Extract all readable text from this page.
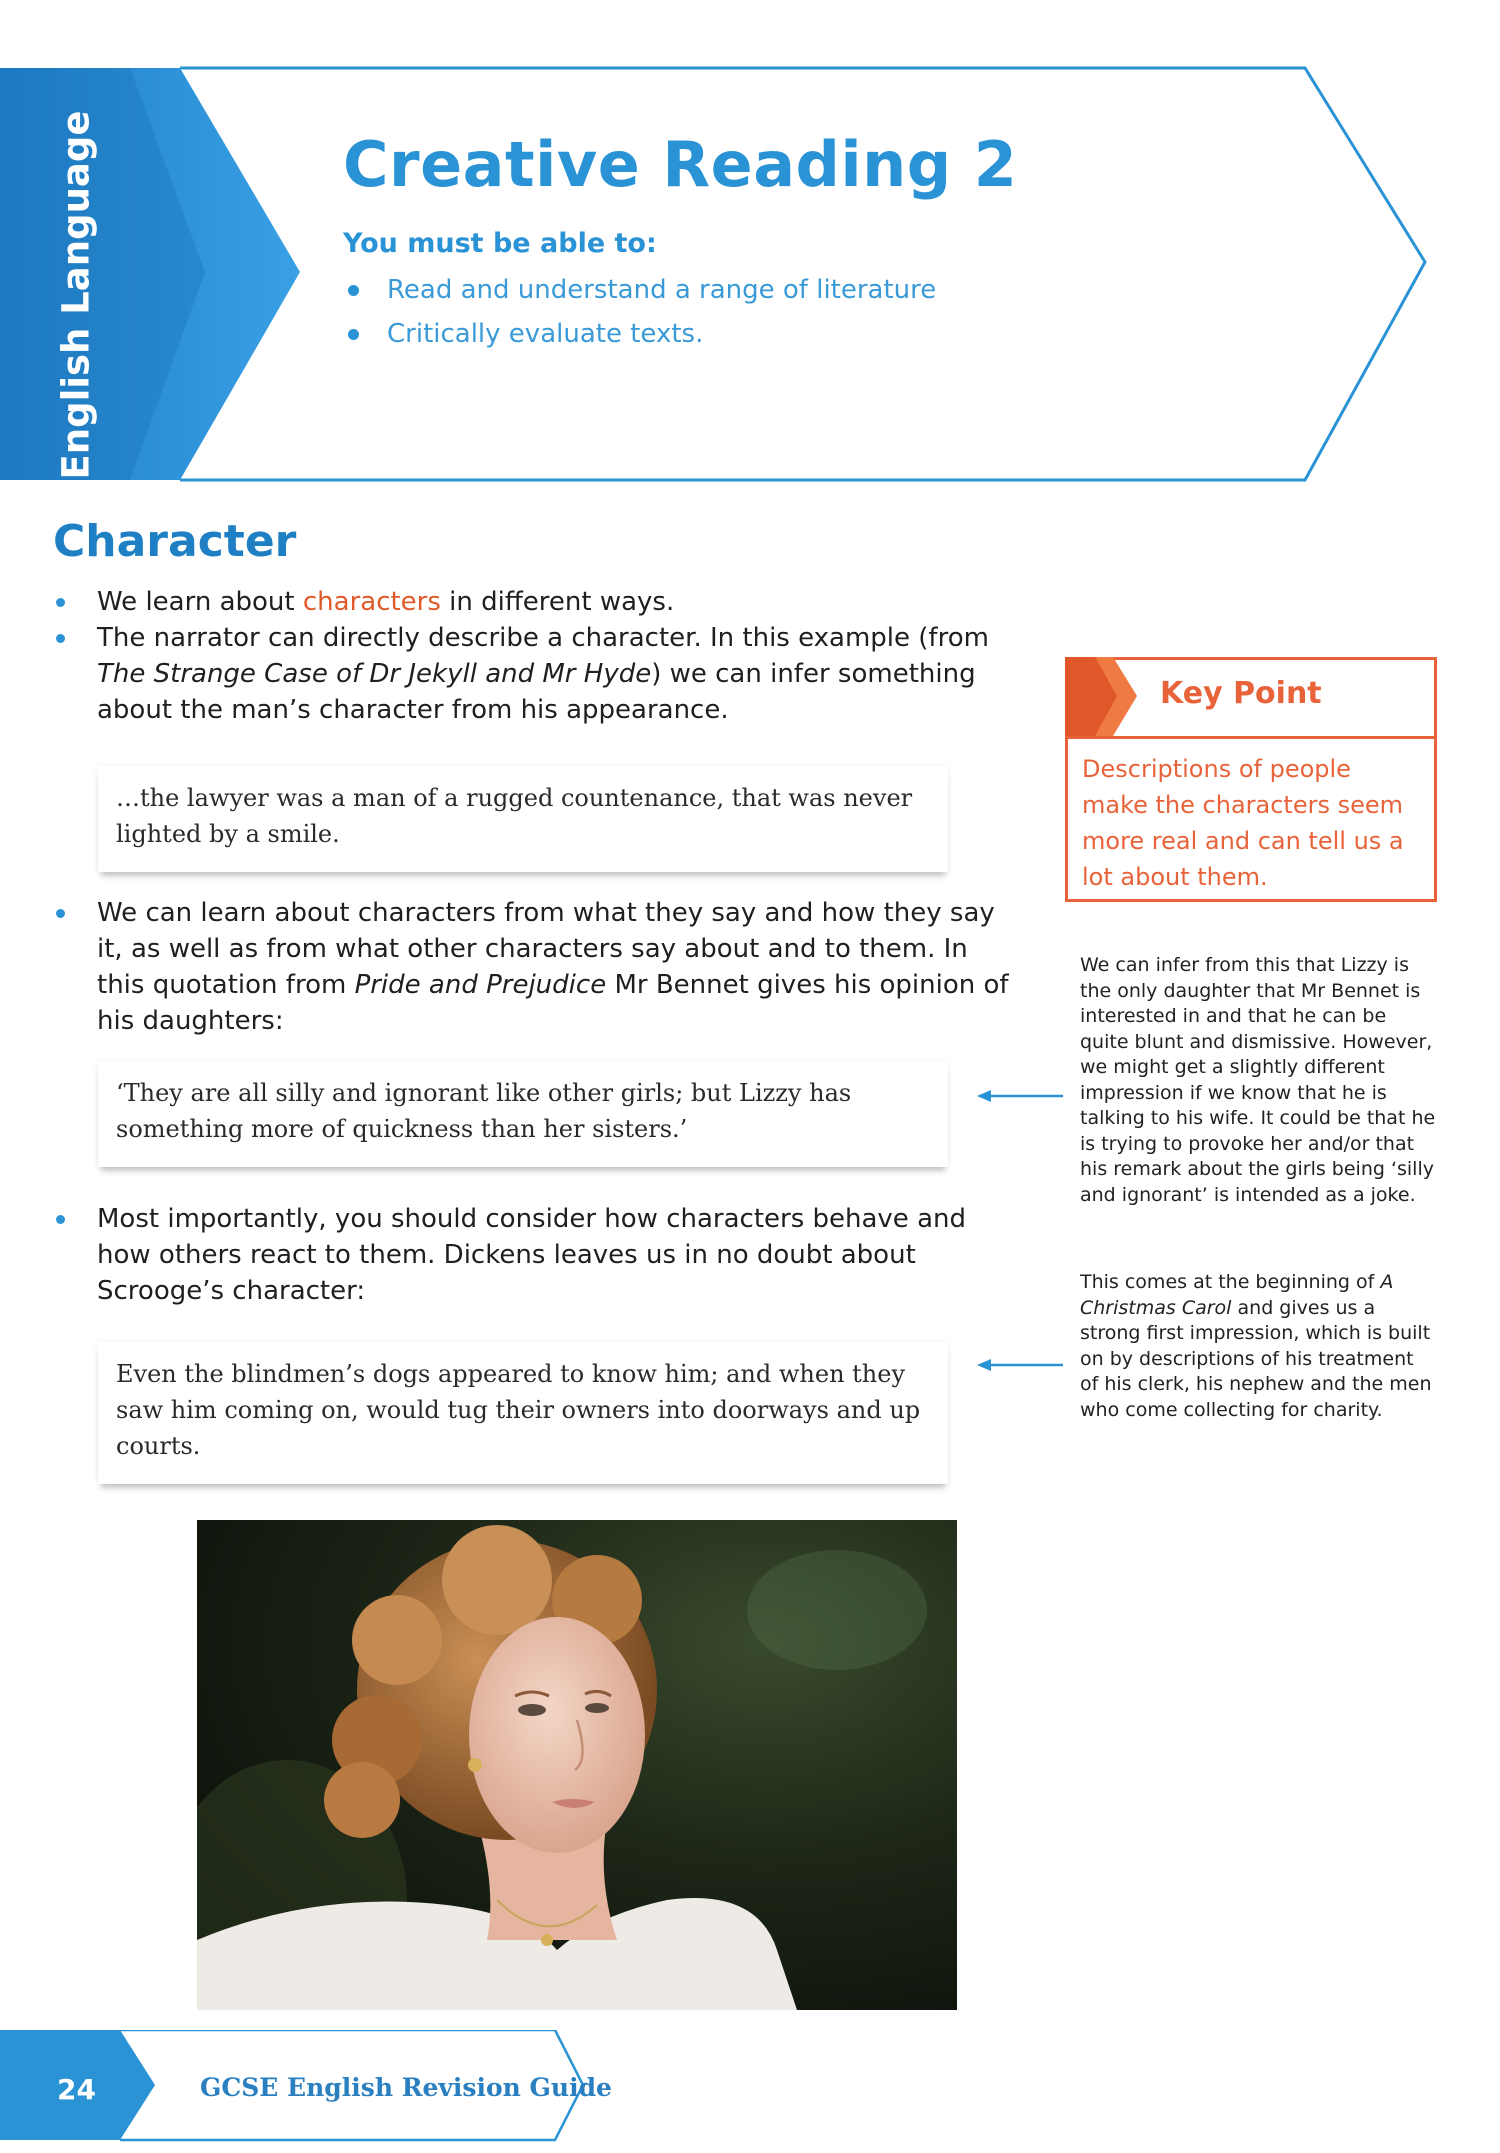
English Language	Creative Reading 2
You must be able to:
Read and understand a range of literature
Critically evaluate texts.
Character

We learn about characters in different ways.

The narrator can directly describe a character. In this example (from The Strange Case of Dr Jekyll and Mr Hyde) we can infer something about the man’s character from his appearance.

…the lawyer was a man of a rugged countenance, that was never lighted by a smile.

We can learn about characters from what they say and how they say it, as well as from what other characters say about and to them. In this quotation from Pride and Prejudice Mr Bennet gives his opinion of his daughters:

‘They are all silly and ignorant like other girls; but Lizzy has something more of quickness than her sisters.’

Most importantly, you should consider how characters behave and how others react to them. Dickens leaves us in no doubt about Scrooge’s character:

Even the blindmen’s dogs appeared to know him; and when they saw him coming on, would tug their owners into doorways and up courts.

Key Point

Descriptions of people make the characters seem more real and can tell us a lot about them.

We can infer from this that Lizzy is the only daughter that Mr Bennet is interested in and that he can be quite blunt and dismissive. However, we might get a slightly different impression if we know that he is talking to his wife. It could be that he is trying to provoke her and/or that his remark about the girls being ‘silly and ignorant’ is intended as a joke.

This comes at the beginning of A Christmas Carol and gives us a strong first impression, which is built on by descriptions of his treatment of his clerk, his nephew and the men who come collecting for charity.

24	GCSE English Revision Guide
